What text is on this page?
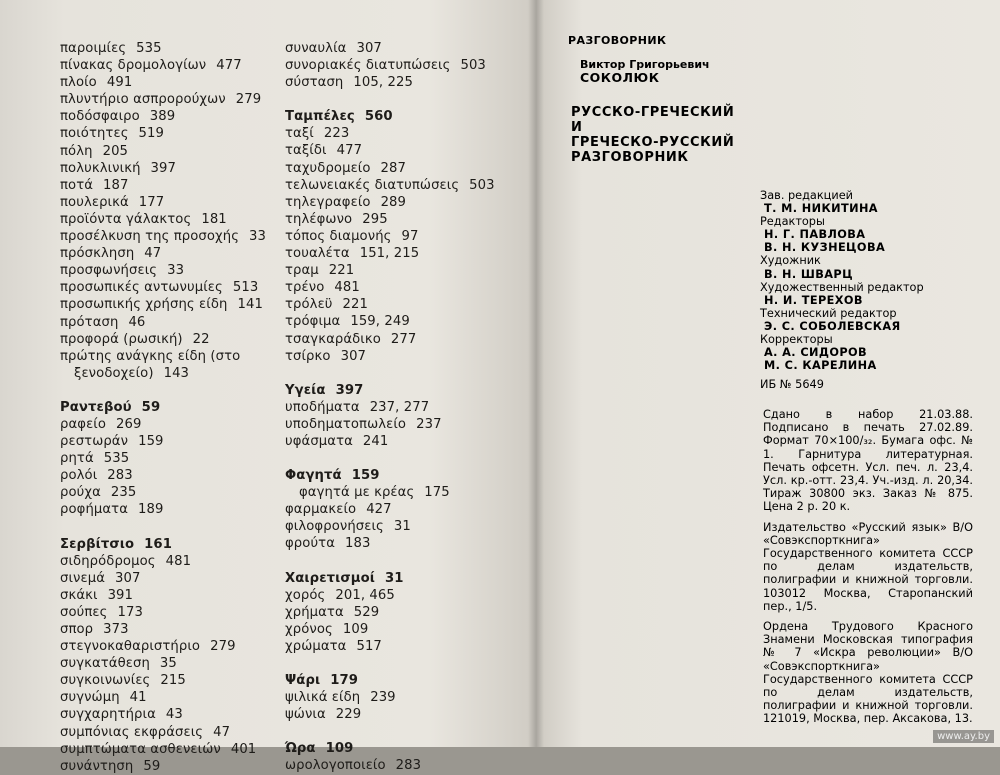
παροιμίες 535
πίνακας δρομολογίων 477
πλοίο 491
πλυντήριο ασπρορούχων 279
ποδόσφαιρο 389
ποιότητες 519
πόλη 205
πολυκλινική 397
ποτά 187
πουλερικά 177
προϊόντα γάλακτος 181
προσέλκυση της προσοχής 33
πρόσκληση 47
προσφωνήσεις 33
προσωπικές αντωνυμίες 513
προσωπικής χρήσης είδη 141
πρόταση 46
προφορά (ρωσική) 22
πρώτης ανάγκης είδη (στο
ξενοδοχείο) 143
Ραντεβού 59
ραφείο 269
ρεστωράν 159
ρητά 535
ρολόι 283
ρούχα 235
ροφήματα 189
Σερβίτσιο 161
σιδηρόδρομος 481
σινεμά 307
σκάκι 391
σούπες 173
σπορ 373
στεγνοκαθαριστήριο 279
συγκατάθεση 35
συγκοινωνίες 215
συγνώμη 41
συγχαρητήρια 43
συμπόνιας εκφράσεις 47
συμπτώματα ασθενειών 401
συνάντηση 59
συναυλία 307
συνοριακές διατυπώσεις 503
σύσταση 105, 225
Ταμπέλες 560
ταξί 223
ταξίδι 477
ταχυδρομείο 287
τελωνειακές διατυπώσεις 503
τηλεγραφείο 289
τηλέφωνο 295
τόπος διαμονής 97
τουαλέτα 151, 215
τραμ 221
τρένο 481
τρόλεϋ 221
τρόφιμα 159, 249
τσαγκαράδικο 277
τσίρκο 307
Υγεία 397
υποδήματα 237, 277
υποδηματοπωλείο 237
υφάσματα 241
Φαγητά 159
φαγητά με κρέας 175
φαρμακείο 427
φιλοφρονήσεις 31
φρούτα 183
Χαιρετισμοί 31
χορός 201, 465
χρήματα 529
χρόνος 109
χρώματα 517
Ψάρι 179
ψιλικά είδη 239
ψώνια 229
Ώρα 109
ωρολογοποιείο 283
РАЗГОВОРНИК
Виктор Григорьевич
СОКОЛЮК
РУССКО-ГРЕЧЕСКИЙ
И
ГРЕЧЕСКО-РУССКИЙ
РАЗГОВОРНИК
Зав. редакцией
Т. М. НИКИТИНА
Редакторы
Н. Г. ПАВЛОВА
В. Н. КУЗНЕЦОВА
Художник
В. Н. ШВАРЦ
Художественный редактор
Н. И. ТЕРЕХОВ
Технический редактор
Э. С. СОБОЛЕВСКАЯ
Корректоры
А. А. СИДОРОВ
М. С. КАРЕЛИНА
ИБ № 5649

Сдано в набор 21.03.88. Подписано в печать 27.02.89. Формат 70×100/₃₂. Бумага офс. № 1. Гарнитура литературная. Печать офсетн. Усл. печ. л. 23,4. Усл. кр.-отт. 23,4. Уч.-изд. л. 20,34. Тираж 30800 экз. Заказ № 875. Цена 2 р. 20 к.

Издательство «Русский язык» В/О «Совэкспорткнига» Государственного комитета СССР по делам издательств, полиграфии и книжной торговли. 103012 Москва, Старопанский пер., 1/5.

Ордена Трудового Красного Знамени Московская типография № 7 «Искра революции» В/О «Совэкспорткнига» Государственного комитета СССР по делам издательств, полиграфии и книжной торговли. 121019, Москва, пер. Аксакова, 13.

www.ay.by
